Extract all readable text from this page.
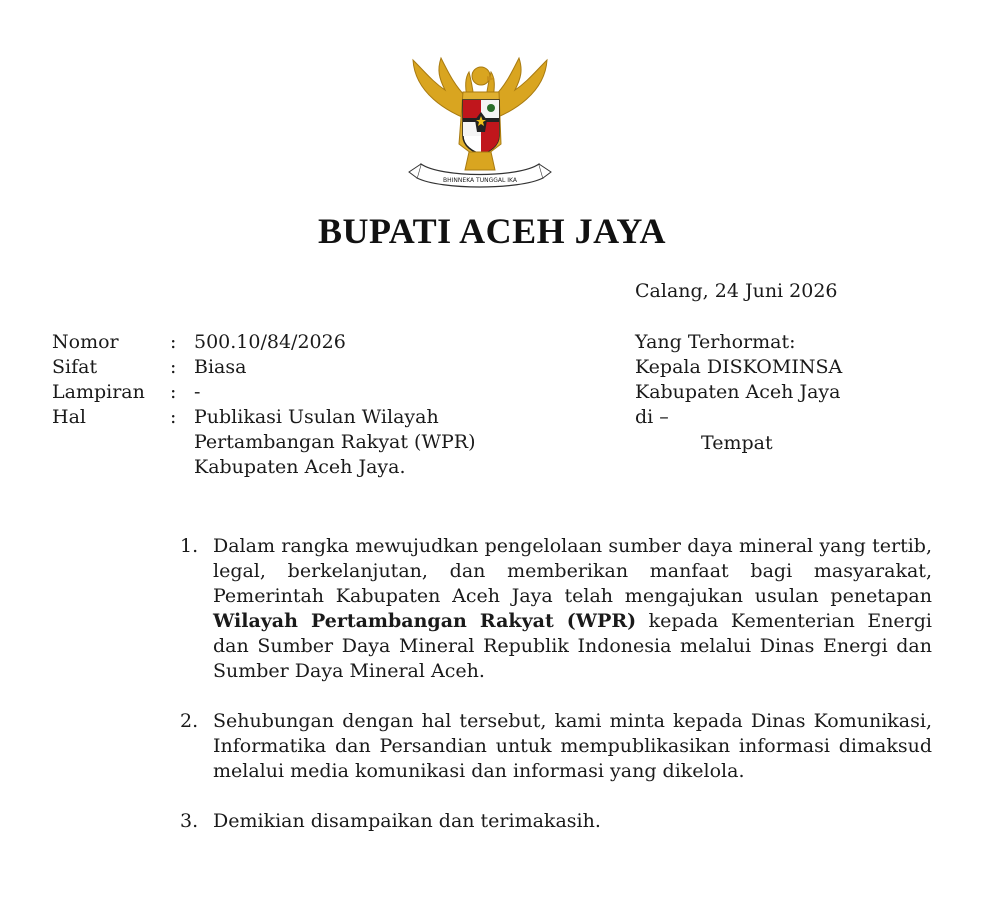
BHINNEKA TUNGGAL IKA
BUPATI ACEH JAYA
Calang, 24 Juni 2026
Nomor	: 500.10/84/2026
Sifat	: Biasa
Lampiran	: -
Hal	: Publikasi Usulan Wilayah
Pertambangan Rakyat (WPR)
Kabupaten Aceh Jaya.
Yang Terhormat:
Kepala DISKOMINSA
Kabupaten Aceh Jaya
di –
Tempat
1. Dalam rangka mewujudkan pengelolaan sumber daya mineral yang tertib, legal, berkelanjutan, dan memberikan manfaat bagi masyarakat, Pemerintah Kabupaten Aceh Jaya telah mengajukan usulan penetapan Wilayah Pertambangan Rakyat (WPR) kepada Kementerian Energi dan Sumber Daya Mineral Republik Indonesia melalui Dinas Energi dan Sumber Daya Mineral Aceh.
2. Sehubungan dengan hal tersebut, kami minta kepada Dinas Komunikasi, Informatika dan Persandian untuk mempublikasikan informasi dimaksud melalui media komunikasi dan informasi yang dikelola.
3. Demikian disampaikan dan terimakasih.
